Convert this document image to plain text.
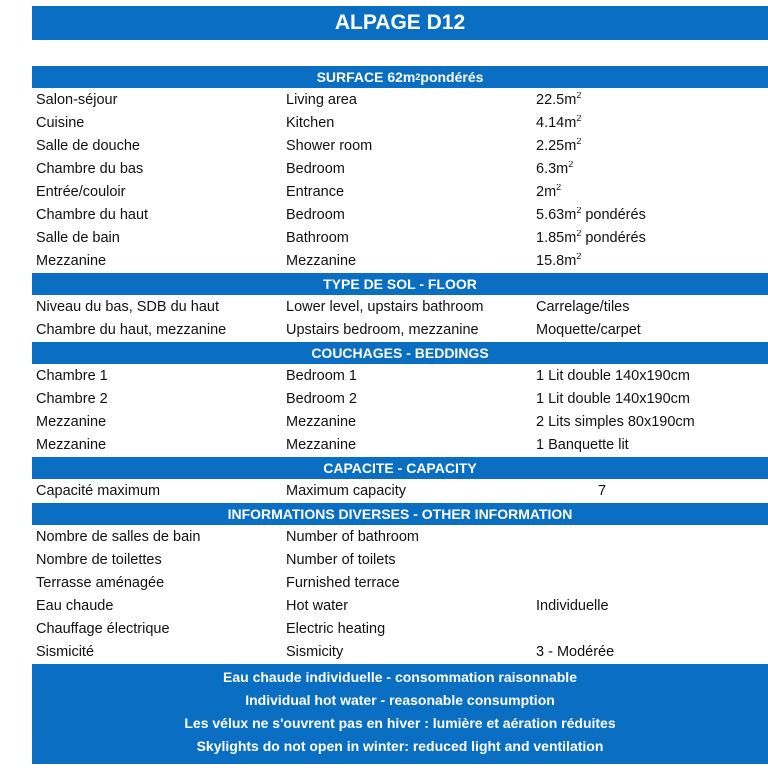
ALPAGE D12
SURFACE 62m 2 pondérés
Salon-séjour	Living area	$22.5m^2$
Cuisine	Kitchen	$4.14m^2$
Salle de douche	Shower room	$2.25m^2$
Chambre du bas	Bedroom	$6.3m^2$
Entrée/couloir	Entrance	$2m^2$
Chambre du haut	Bedroom	$5.63m^2$ pondérés
Salle de bain	Bathroom	$1.85m^2$ pondérés
Mezzanine	Mezzanine	$15.8m^2$
TYPE DE SOL - FLOOR
Niveau du bas, SDB du haut	Lower level, upstairs bathroom	Carrelage/tiles
Chambre du haut, mezzanine	Upstairs bedroom, mezzanine	Moquette/carpet
COUCHAGES - BEDDINGS
Chambre 1	Bedroom 1	1 Lit double 140x190cm
Chambre 2	Bedroom 2	1 Lit double 140x190cm
Mezzanine	Mezzanine	2 Lits simples 80x190cm
Mezzanine	Mezzanine	1 Banquette lit
CAPACITE - CAPACITY
Capacité maximum	Maximum capacity	7
INFORMATIONS DIVERSES - OTHER INFORMATION
Nombre de salles de bain	Number of bathroom
Nombre de toilettes	Number of toilets
Terrasse aménagée	Furnished terrace
Eau chaude	Hot water	Individuelle
Chauffage électrique	Electric heating
Sismicité	Sismicity	3 - Modérée
Eau chaude individuelle - consommation raisonnable
Individual hot water - reasonable consumption
Les vélux ne s'ouvrent pas en hiver : lumière et aération réduites
Skylights do not open in winter: reduced light and ventilation
